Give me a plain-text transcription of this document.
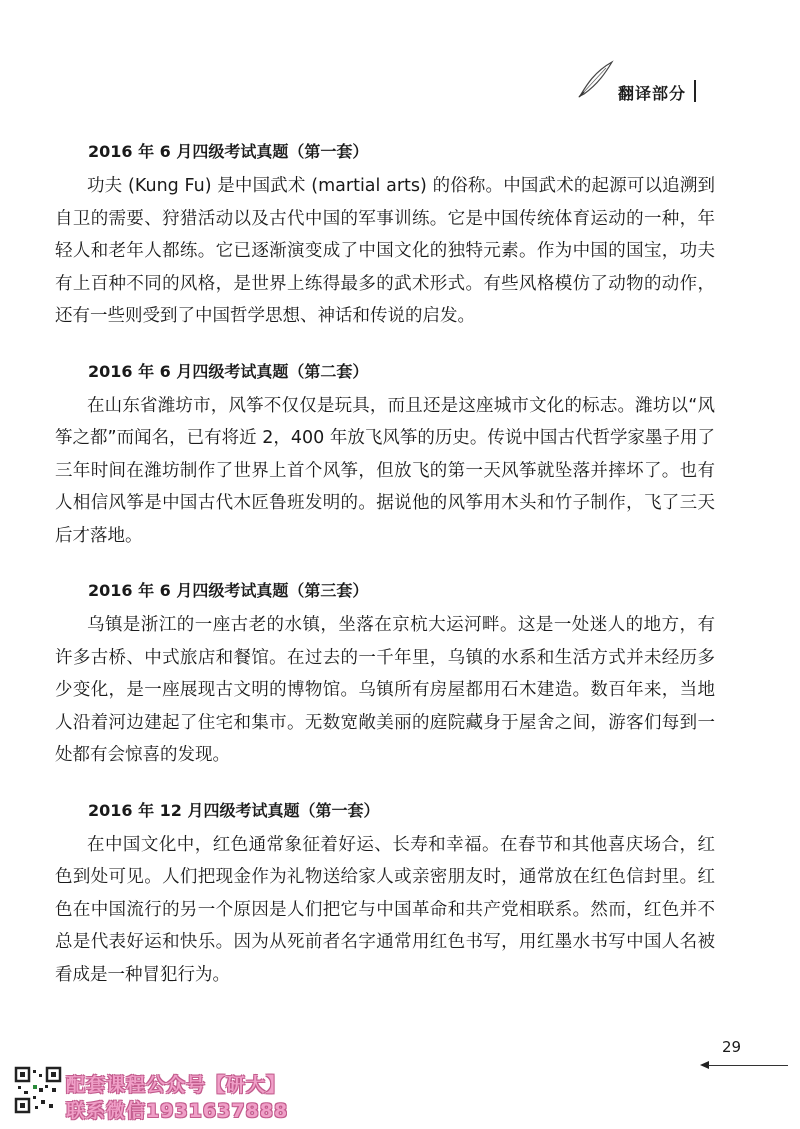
翻译部分

2016 年 6 月四级考试真题（第一套）

功夫 (Kung Fu) 是中国武术 (martial arts) 的俗称。中国武术的起源可以追溯到自卫的需要、狩猎活动以及古代中国的军事训练。它是中国传统体育运动的一种，年轻人和老年人都练。它已逐渐演变成了中国文化的独特元素。作为中国的国宝，功夫有上百种不同的风格，是世界上练得最多的武术形式。有些风格模仿了动物的动作，还有一些则受到了中国哲学思想、神话和传说的启发。

2016 年 6 月四级考试真题（第二套）

在山东省潍坊市，风筝不仅仅是玩具，而且还是这座城市文化的标志。潍坊以“风筝之都”而闻名，已有将近 2，400 年放飞风筝的历史。传说中国古代哲学家墨子用了三年时间在潍坊制作了世界上首个风筝，但放飞的第一天风筝就坠落并摔坏了。也有人相信风筝是中国古代木匠鲁班发明的。据说他的风筝用木头和竹子制作，飞了三天后才落地。

2016 年 6 月四级考试真题（第三套）

乌镇是浙江的一座古老的水镇，坐落在京杭大运河畔。这是一处迷人的地方，有许多古桥、中式旅店和餐馆。在过去的一千年里，乌镇的水系和生活方式并未经历多少变化，是一座展现古文明的博物馆。乌镇所有房屋都用石木建造。数百年来，当地人沿着河边建起了住宅和集市。无数宽敞美丽的庭院藏身于屋舍之间，游客们每到一处都有会惊喜的发现。

2016 年 12 月四级考试真题（第一套）

在中国文化中，红色通常象征着好运、长寿和幸福。在春节和其他喜庆场合，红色到处可见。人们把现金作为礼物送给家人或亲密朋友时，通常放在红色信封里。红色在中国流行的另一个原因是人们把它与中国革命和共产党相联系。然而，红色并不总是代表好运和快乐。因为从死前者名字通常用红色书写，用红墨水书写中国人名被看成是一种冒犯行为。

29
配套课程公众号【研大】
联系微信1931637888
